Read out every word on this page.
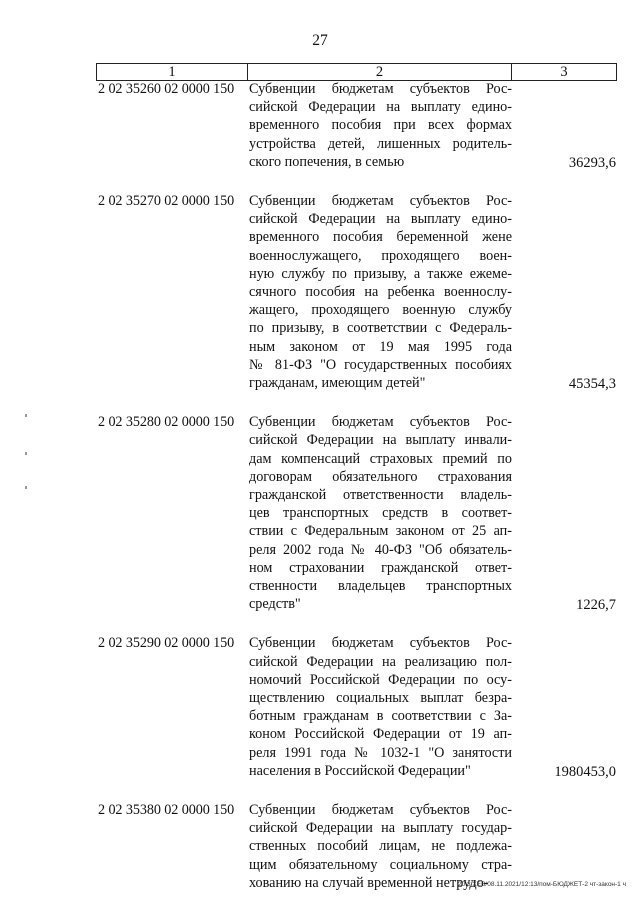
27
1	2	3
2 02 35260 02 0000 150 Субвенции бюджетам субъектов Рос-
сийской Федерации на выплату едино-
временного пособия при всех формах
устройства детей, лишенных родитель-
ского попечения, в семью	36293,6
2 02 35270 02 0000 150 Субвенции бюджетам субъектов Рос-
сийской Федерации на выплату едино-
временного пособия беременной жене
военнослужащего, проходящего воен-
ную службу по призыву, а также ежеме-
сячного пособия на ребенка военнослу-
жащего, проходящего военную службу
по призыву, в соответствии с Федераль-
ным законом от 19 мая 1995 года
№ 81-ФЗ "О государственных пособиях
гражданам, имеющим детей"	45354,3
2 02 35280 02 0000 150 Субвенции бюджетам субъектов Рос-
сийской Федерации на выплату инвали-
дам компенсаций страховых премий по
договорам обязательного страхования
гражданской ответственности владель-
цев транспортных средств в соответ-
ствии с Федеральным законом от 25 ап-
реля 2002 года № 40-ФЗ "Об обязатель-
ном страховании гражданской ответ-
ственности владельцев транспортных
средств"	1226,7
2 02 35290 02 0000 150 Субвенции бюджетам субъектов Рос-
сийской Федерации на реализацию пол-
номочий Российской Федерации по осу-
ществлению социальных выплат безра-
ботным гражданам в соответствии с За-
коном Российской Федерации от 19 ап-
реля 1991 года № 1032-1 "О занятости
населения в Российской Федерации"	1980453,0
2 02 35380 02 0000 150 Субвенции бюджетам субъектов Рос-
сийской Федерации на выплату государ-
ственных пособий лицам, не подлежа-
щим обязательному социальному стра-
хованию на случай временной нетрудо-
20.3/ХЕВ/08.11.2021/12:13/пом-БЮДЖЕТ-2 чт-закон-1 ч
